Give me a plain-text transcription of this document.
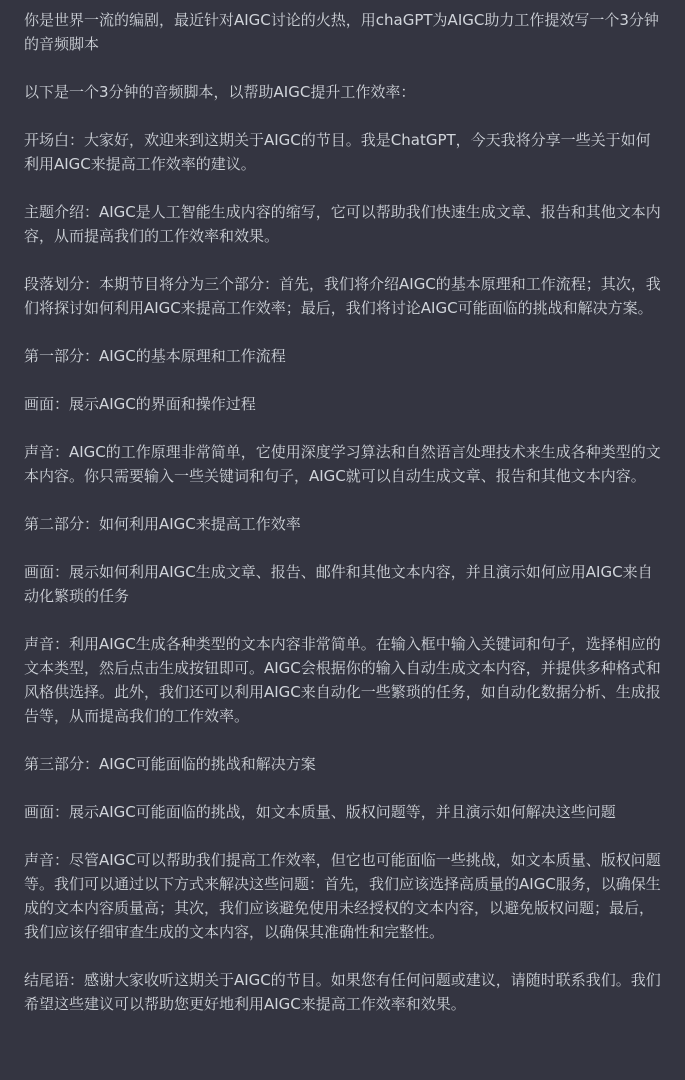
你是世界一流的编剧，最近针对AIGC讨论的火热，用chaGPT为AIGC助力工作提效写一个3分钟的音频脚本

以下是一个3分钟的音频脚本，以帮助AIGC提升工作效率：

开场白：大家好，欢迎来到这期关于AIGC的节目。我是ChatGPT，今天我将分享一些关于如何利用AIGC来提高工作效率的建议。

主题介绍：AIGC是人工智能生成内容的缩写，它可以帮助我们快速生成文章、报告和其他文本内容，从而提高我们的工作效率和效果。

段落划分：本期节目将分为三个部分：首先，我们将介绍AIGC的基本原理和工作流程；其次，我们将探讨如何利用AIGC来提高工作效率；最后，我们将讨论AIGC可能面临的挑战和解决方案。

第一部分：AIGC的基本原理和工作流程

画面：展示AIGC的界面和操作过程

声音：AIGC的工作原理非常简单，它使用深度学习算法和自然语言处理技术来生成各种类型的文本内容。你只需要输入一些关键词和句子，AIGC就可以自动生成文章、报告和其他文本内容。

第二部分：如何利用AIGC来提高工作效率

画面：展示如何利用AIGC生成文章、报告、邮件和其他文本内容，并且演示如何应用AIGC来自动化繁琐的任务

声音：利用AIGC生成各种类型的文本内容非常简单。在输入框中输入关键词和句子，选择相应的文本类型，然后点击生成按钮即可。AIGC会根据你的输入自动生成文本内容，并提供多种格式和风格供选择。此外，我们还可以利用AIGC来自动化一些繁琐的任务，如自动化数据分析、生成报告等，从而提高我们的工作效率。

第三部分：AIGC可能面临的挑战和解决方案

画面：展示AIGC可能面临的挑战，如文本质量、版权问题等，并且演示如何解决这些问题

声音：尽管AIGC可以帮助我们提高工作效率，但它也可能面临一些挑战，如文本质量、版权问题等。我们可以通过以下方式来解决这些问题：首先，我们应该选择高质量的AIGC服务，以确保生成的文本内容质量高；其次，我们应该避免使用未经授权的文本内容，以避免版权问题；最后，我们应该仔细审查生成的文本内容，以确保其准确性和完整性。

结尾语：感谢大家收听这期关于AIGC的节目。如果您有任何问题或建议，请随时联系我们。我们希望这些建议可以帮助您更好地利用AIGC来提高工作效率和效果。
